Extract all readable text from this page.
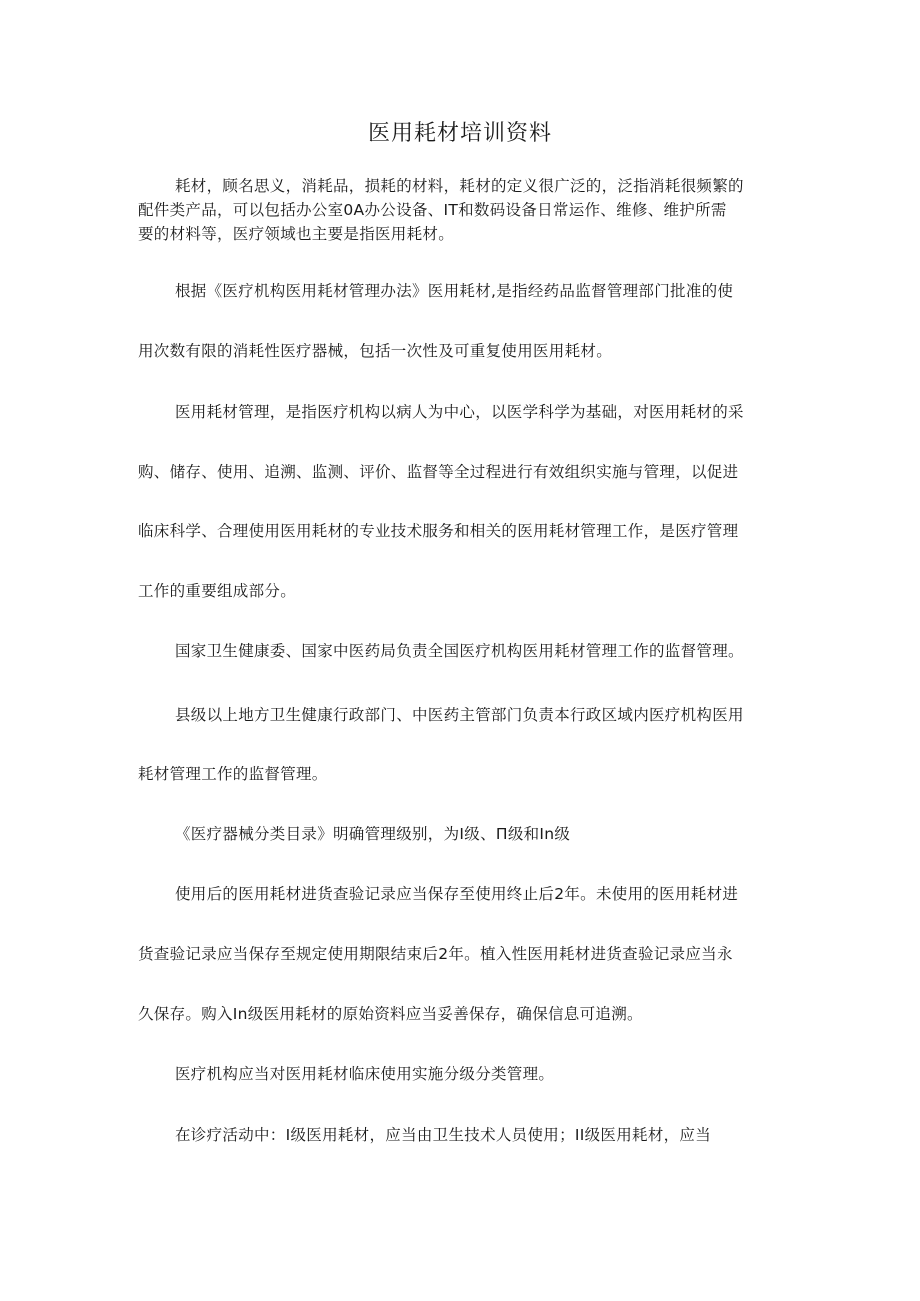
医用耗材培训资料

耗材，顾名思义，消耗品，损耗的材料，耗材的定义很广泛的，泛指消耗很频繁的

配件类产品，可以包括办公室0A办公设备、IT和数码设备日常运作、维修、维护所需

要的材料等，医疗领域也主要是指医用耗材。

根据《医疗机构医用耗材管理办法》医用耗材,是指经药品监督管理部门批准的使

用次数有限的消耗性医疗器械，包括一次性及可重复使用医用耗材。

医用耗材管理，是指医疗机构以病人为中心，以医学科学为基础，对医用耗材的采

购、储存、使用、追溯、监测、评价、监督等全过程进行有效组织实施与管理，以促进

临床科学、合理使用医用耗材的专业技术服务和相关的医用耗材管理工作，是医疗管理

工作的重要组成部分。

国家卫生健康委、国家中医药局负责全国医疗机构医用耗材管理工作的监督管理。

县级以上地方卫生健康行政部门、中医药主管部门负责本行政区域内医疗机构医用

耗材管理工作的监督管理。

《医疗器械分类目录》明确管理级别，为Ⅰ级、Π级和In级

使用后的医用耗材进货查验记录应当保存至使用终止后2年。未使用的医用耗材进

货查验记录应当保存至规定使用期限结束后2年。植入性医用耗材进货查验记录应当永

久保存。购入In级医用耗材的原始资料应当妥善保存，确保信息可追溯。

医疗机构应当对医用耗材临床使用实施分级分类管理。

在诊疗活动中：Ⅰ级医用耗材，应当由卫生技术人员使用；II级医用耗材，应当
